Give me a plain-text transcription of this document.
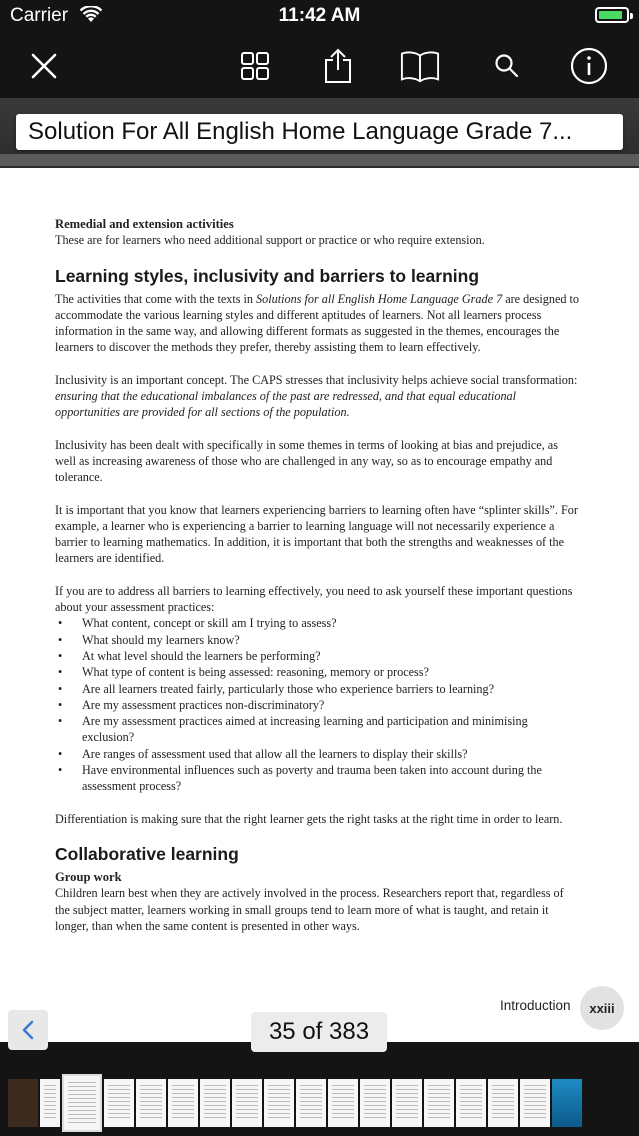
Carrier	11:42 AM
Solution For All English Home Language Grade 7...
Remedial and extension activities

These are for learners who need additional support or practice or who require extension.

Learning styles, inclusivity and barriers to learning

The activities that come with the texts in Solutions for all English Home Language Grade 7 are designed to accommodate the various learning styles and different aptitudes of learners. Not all learners process information in the same way, and allowing different formats as suggested in the themes, encourages the learners to discover the methods they prefer, thereby assisting them to learn effectively.

Inclusivity is an important concept. The CAPS stresses that inclusivity helps achieve social transformation: ensuring that the educational imbalances of the past are redressed, and that equal educational opportunities are provided for all sections of the population.

Inclusivity has been dealt with specifically in some themes in terms of looking at bias and prejudice, as well as increasing awareness of those who are challenged in any way, so as to encourage empathy and tolerance.

It is important that you know that learners experiencing barriers to learning often have “splinter skills”. For example, a learner who is experiencing a barrier to learning language will not necessarily experience a barrier to learning mathematics. In addition, it is important that both the strengths and weaknesses of the learners are identified.

If you are to address all barriers to learning effectively, you need to ask yourself these important questions about your assessment practices:
• What content, concept or skill am I trying to assess?
• What should my learners know?
• At what level should the learners be performing?
• What type of content is being assessed: reasoning, memory or process?
• Are all learners treated fairly, particularly those who experience barriers to learning?
• Are my assessment practices non-discriminatory?
• Are my assessment practices aimed at increasing learning and participation and minimising exclusion?
• Are ranges of assessment used that allow all the learners to display their skills?
• Have environmental influences such as poverty and trauma been taken into account during the assessment process?

Differentiation is making sure that the right learner gets the right tasks at the right time in order to learn.

Collaborative learning
Group work

Children learn best when they are actively involved in the process. Researchers report that, regardless of the subject matter, learners working in small groups tend to learn more of what is taught, and retain it longer, than when the same content is presented in other ways.

Introduction	xxiii
35 of 383
